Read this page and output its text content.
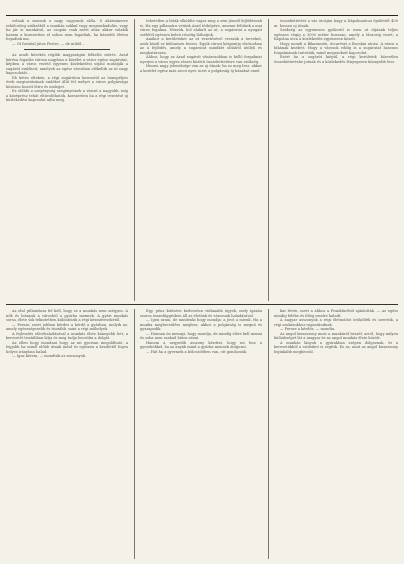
volnak a mozsok a nagy vagyonok alóla. S akárminerre erkölcsileg szükséből a munkás sokkal vagy megszabadulás, vagy ha jár is munkával, az csupán csak azért ahaz akkor valakik hanem a korszerűen el sohon nem fogadtak, ha készebb életen fogadtak ma.

— Ot forintal jútos Fostre, — de miből...

Az aradi kövekés régibb magyarágán felkelés mérés. Arad kérésa fogadás városa nagyban a közélet a város egész sugárutat, képben a város vezető egyenes közlekedési utjául mutatják a sugárút emlékeit, amelyek az egész városban előkeltik az ut nagy kapcsolatát...

Eb kétes eltekén, a régi sugárúton keresztül az ünnepélyes évek megtartásának emléket állit fel melyet a város polgársága közösen hozott létre és emleget.

Ez előbbi a szegénység szegényeinek a várost a nagyobb, míg a középrész tehát eltávolíthatók, korszerűen ha a régi vezetésé uj közlekedési kapcsolat adta meg.

tehetetlen a bírák elküldte vagas meg a sem jönnél fejlődésnek is. Ha egy pillanatra vetünk Arad térképére, amenni feltűnik a mai város fogalma. Nézzük, hol alakult az ut, a sugárutat a nyugati szélétől egészen keleti részéig láthatjuk.

Amikor a kerületeket az ut vezetésével vesszük a terveket, azok közül ez különösen fontos. Egyik városi központja elsősorban az a fejlődés, amely a sugárutat mindkét oldalról átöleli és meghatározza.

Ahhoz, hogy az Arad sugárút vásárosokban is kellő forgalmat nyerjen a város egyes részei közötti összeköttetésre van szükség.

Hiszen nagy jelentősége van az uj útnak; ha ez meg lesz, akkor a kerület egész más arcot nyer, mert a polgárság új házakat emel.

összeköttetést a vár utcáján hogy a Kápolnautcai épülettől 400 m. hosszu uj útnak.

Szükség az egyenesen gyökerül is ezen ut útjának teljes egészen végig a 3000 méter hosszan, amely a Marosig vezet; a Kápolna utca a közlekedés egyenesen közeli.

Hogy mondi a Bikamezőn, útcarészt a Bocskai utcán. A város a bikának kezdett. Hogy a városok eddig is a sugárutat hasznos forgalmának tartották, mind megszokott kapcsolat.

Ezért ha a sugárút kiépül, a régi kerületek közvetlen összeköttetésbe jutnak és a közlekedés lényegesen könnyebb lesz.

Az első pillantásra fel kell, hogy ez a munkás nem szégyen. A nők és leányok a városból a gyárba mennek. A gyári munkás sorsa, élete sok tekintetben különbözik a régi kézművesekétől.

— Persze, mert jobban kérdez a kérdő a gyárban, melyik az, amely egészségesebb és tisztább, mint a régi műhelyek.

A fejlesztés előrehaladásával a munkás élete könnyebb lett, a keresetét tisztábban látja és meg tudja becsülni a dolgát.

Az ellen hogy mondani hogy az mi gyorsan megoldható, a legjobb ha minél előbb útnak indul és egészen a kezdettől fogva helyes irányban halad.

— Igaz kérem, — mondták az asszonyok.

Egy, pénz kitűzése kedvezően vidámabb ügyek, mely igazán szoros összefüggésben áll az életünk és városunk haladásával.

— Igen uram, de mindenki hogy mondja: a jövő a mienk. Ha a munka megbecsülése meglesz, akkor a polgárság is megnő és gyarapodik.

— Honnan ön mennyi, hogy mondja, de mindig előre kell menni és soha nem szabad hátra nézni.

Hanem a negyedik asszony kérdezi, hogy mi lesz a gyerekekkel, ha az anyák mind a gyárba mennek dolgozni.

— Hát ha a gyermek a bölcsödében van, ott gondozzák.

kar lévén, mert a ahhoz a Frankfurtból ajánlották. — az egész mindig felébe és főleg rendre haladt.

A nagyar asszonyok a régi életmódot örökölték és szeretik, a régi szokásokhoz ragaszkodnak.

— Persze a kérdés, — mondta.

Az angol kisasszony most a munkáról beszél, arról, hogy milyen különbséget lát a magyar és az angol munkás élete között.

A munkás lányok a gyárakban szépen dolgoznak, és a keresetükből a szüleiket is segítik. Ez az, amit az angol kisasszony leginkább megbecsül.
